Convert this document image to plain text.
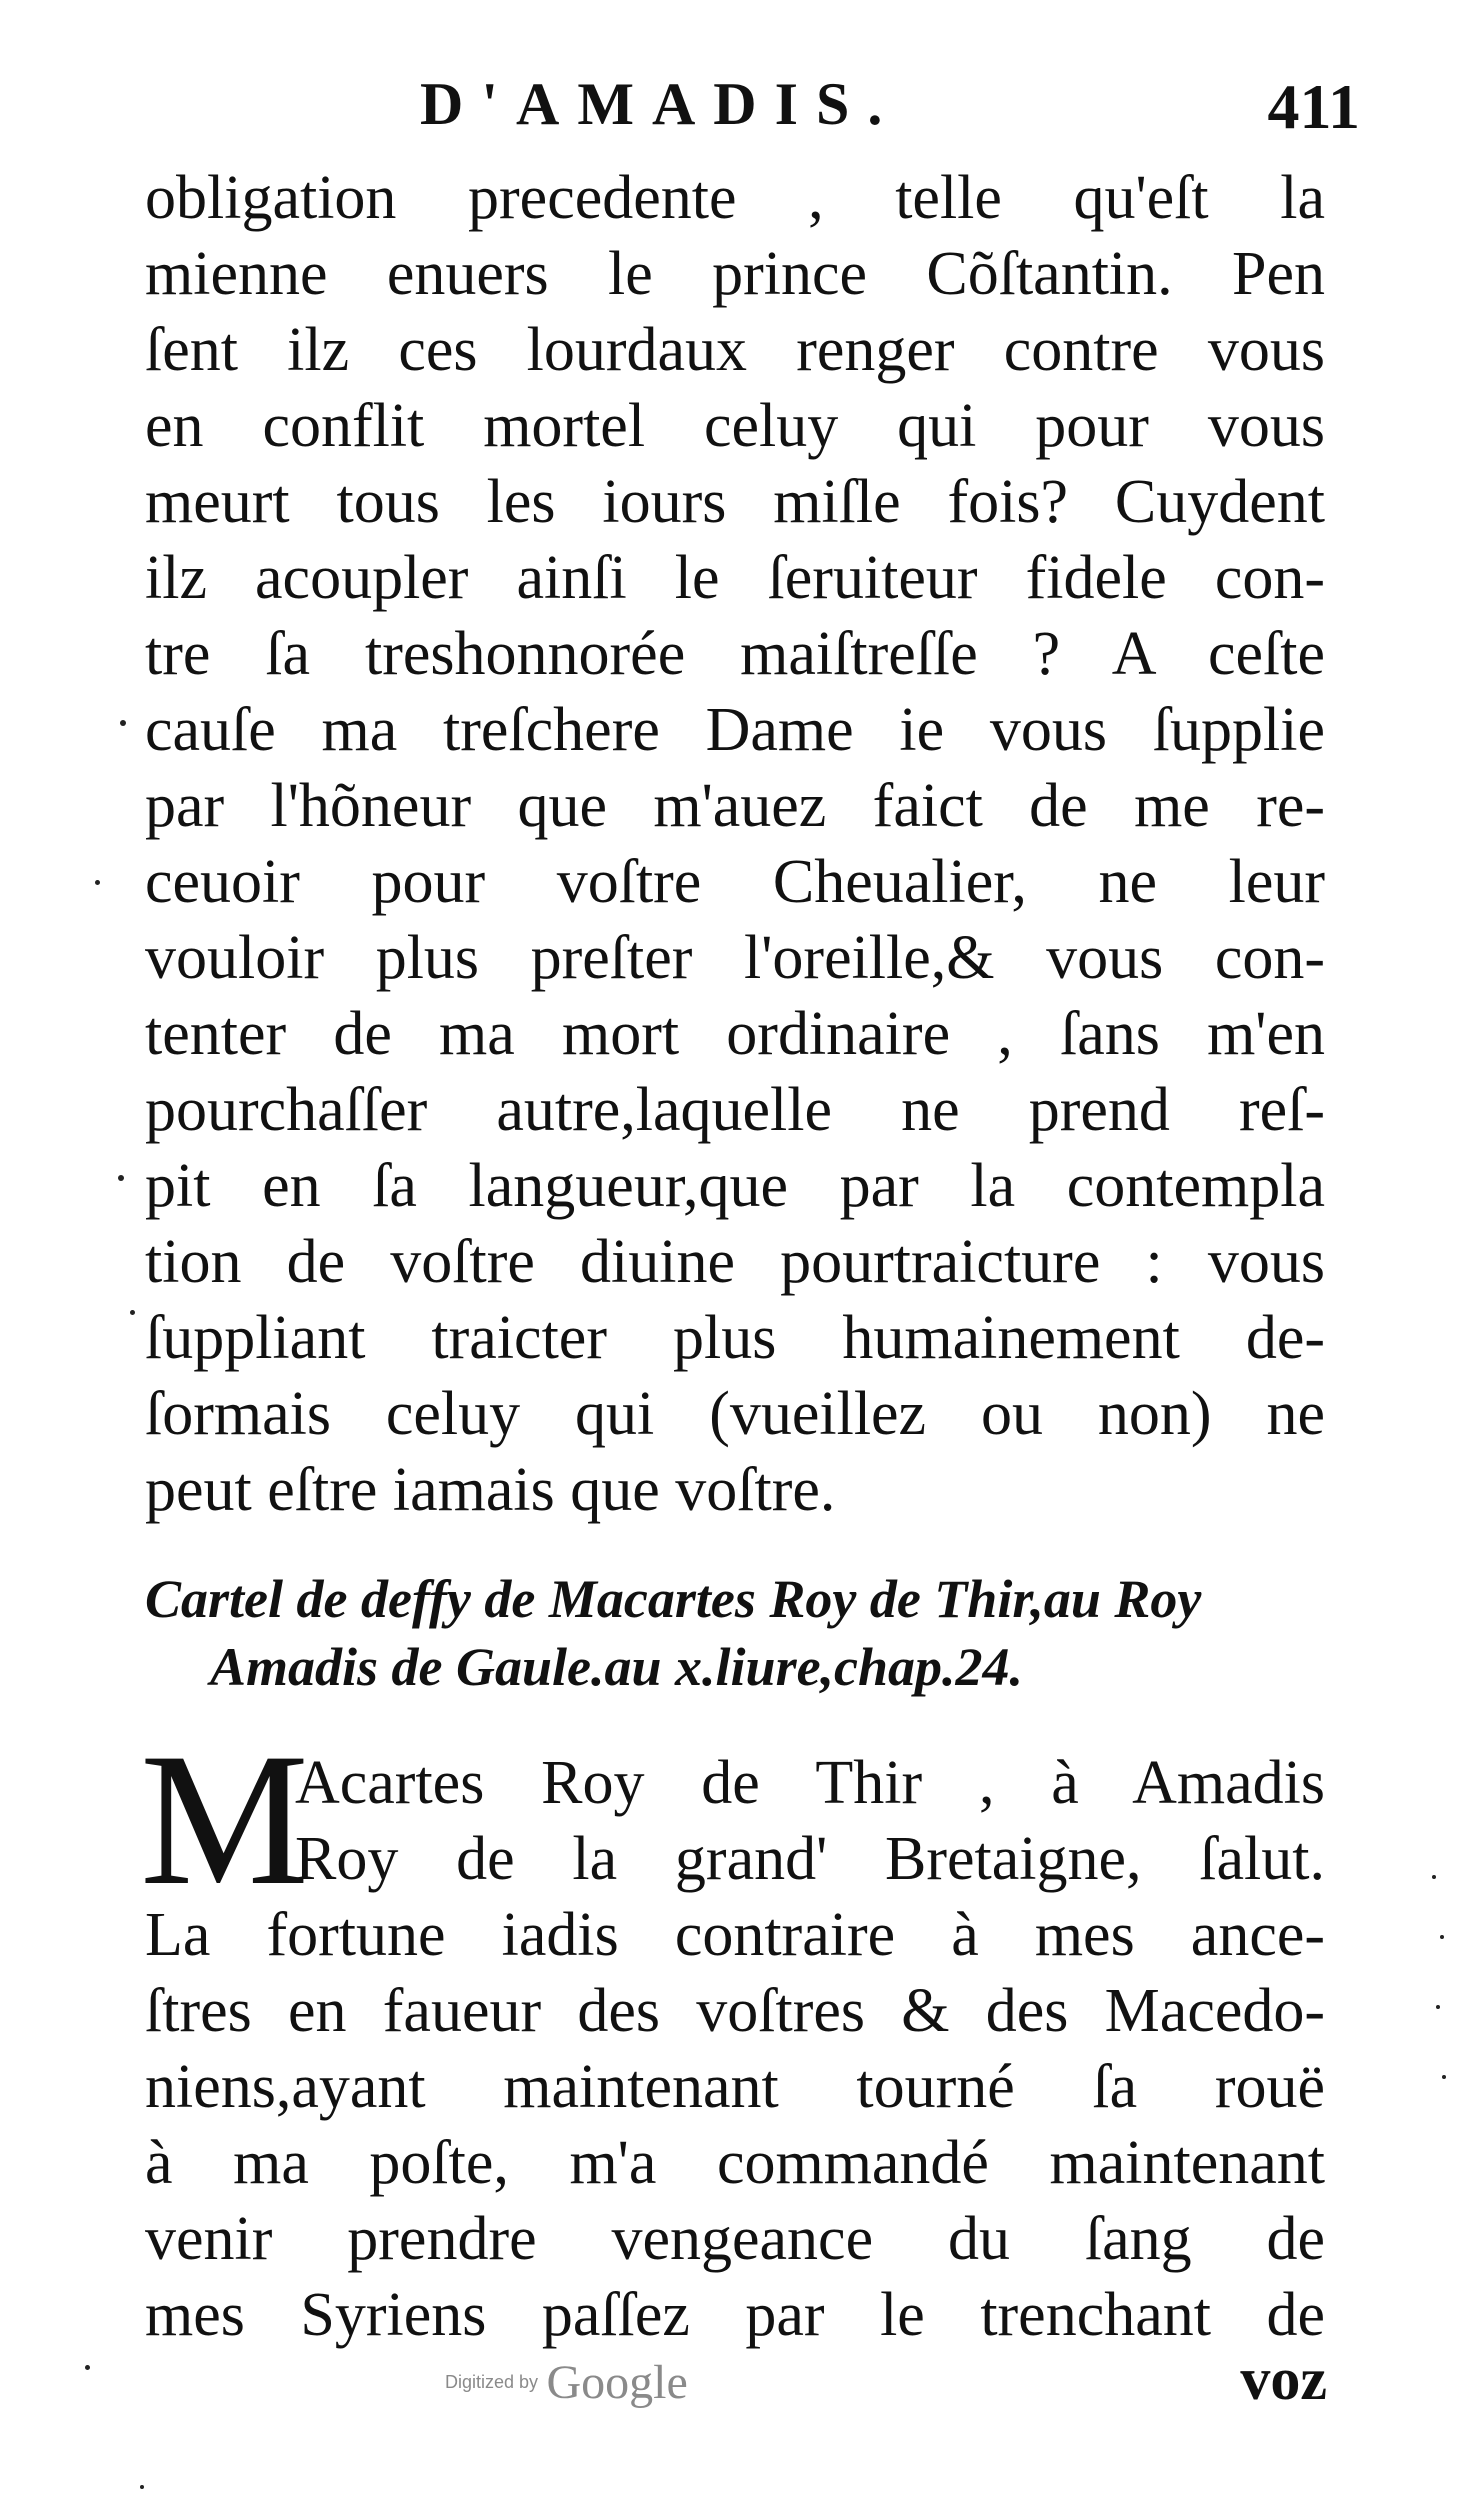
D'AMADIS.	411
obligation precedente , telle qu'eſt la
mienne enuers le prince Cõſtantin. Pen
ſent ilz ces lourdaux renger contre vous
en conflit mortel celuy qui pour vous
meurt tous les iours miſle fois? Cuydent
ilz acoupler ainſi le ſeruiteur fidele con-
tre ſa treshonnorée maiſtreſſe ? A ceſte
cauſe ma treſchere Dame ie vous ſupplie
par l'hõneur que m'auez faict de me re-
ceuoir pour voſtre Cheualier, ne leur
vouloir plus preſter l'oreille,& vous con-
tenter de ma mort ordinaire , ſans m'en
pourchaſſer autre,laquelle ne prend reſ-
pit en ſa langueur,que par la contempla
tion de voſtre diuine pourtraicture : vous
ſuppliant traicter plus humainement de-
ſormais celuy qui (vueillez ou non) ne
peut eſtre iamais que voſtre.
Cartel de deffy de Macartes Roy de Thir,au Roy
Amadis de Gaule.au x.liure,chap.24.
M
Acartes Roy de Thir , à Amadis
Roy de la grand' Bretaigne, ſalut.
La fortune iadis contraire à mes ance-
ſtres en faueur des voſtres & des Macedo-
niens,ayant maintenant tourné ſa rouë
à ma poſte, m'a commandé maintenant
venir prendre vengeance du ſang de
mes Syriens paſſez par le trenchant de
Digitized by Google	voz
